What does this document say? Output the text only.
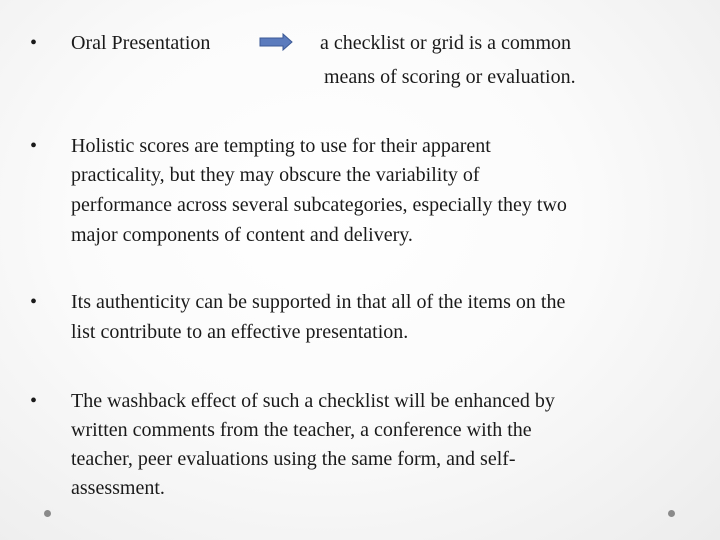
• Oral Presentation	a checklist or grid is a common
means of scoring or evaluation.
• Holistic scores are tempting to use for their apparent
practicality, but they may obscure the variability of
performance across several subcategories, especially they two
major components of content and delivery.
• Its authenticity can be supported in that all of the items on the
list contribute to an effective presentation.
• The washback effect of such a checklist will be enhanced by
written comments from the teacher, a conference with the
teacher, peer evaluations using the same form, and self-
assessment.
